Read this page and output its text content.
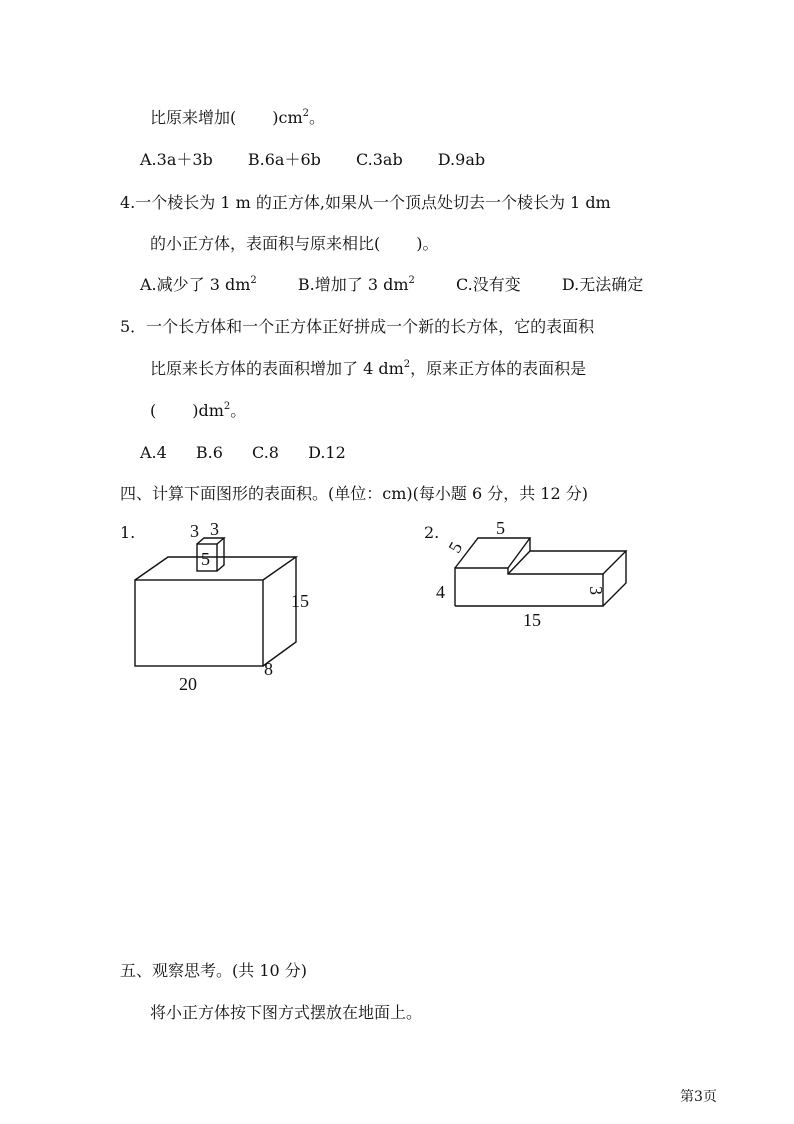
比原来增加( )$cm^2$。
A.3a＋3b B.6a＋6b C.3ab D.9ab
4.一个棱长为 1 m 的正方体,如果从一个顶点处切去一个棱长为 1 dm
的小正方体，表面积与原来相比( )。
A.减少了 3 $dm^2$	B.增加了 3 $dm^2$	C.没有变	D.无法确定
5．一个长方体和一个正方体正好拼成一个新的长方体，它的表面积
比原来长方体的表面积增加了 4 $dm^2$，原来正方体的表面积是
( )$dm^2$。
A.4 B.6 C.8 D.12
四、计算下面图形的表面积。(单位：cm)(每小题 6 分，共 12 分)
1.	3 3
5
15
20
8
2.	5
5
4
15
3
五、观察思考。(共 10 分)
将小正方体按下图方式摆放在地面上。
第3页
